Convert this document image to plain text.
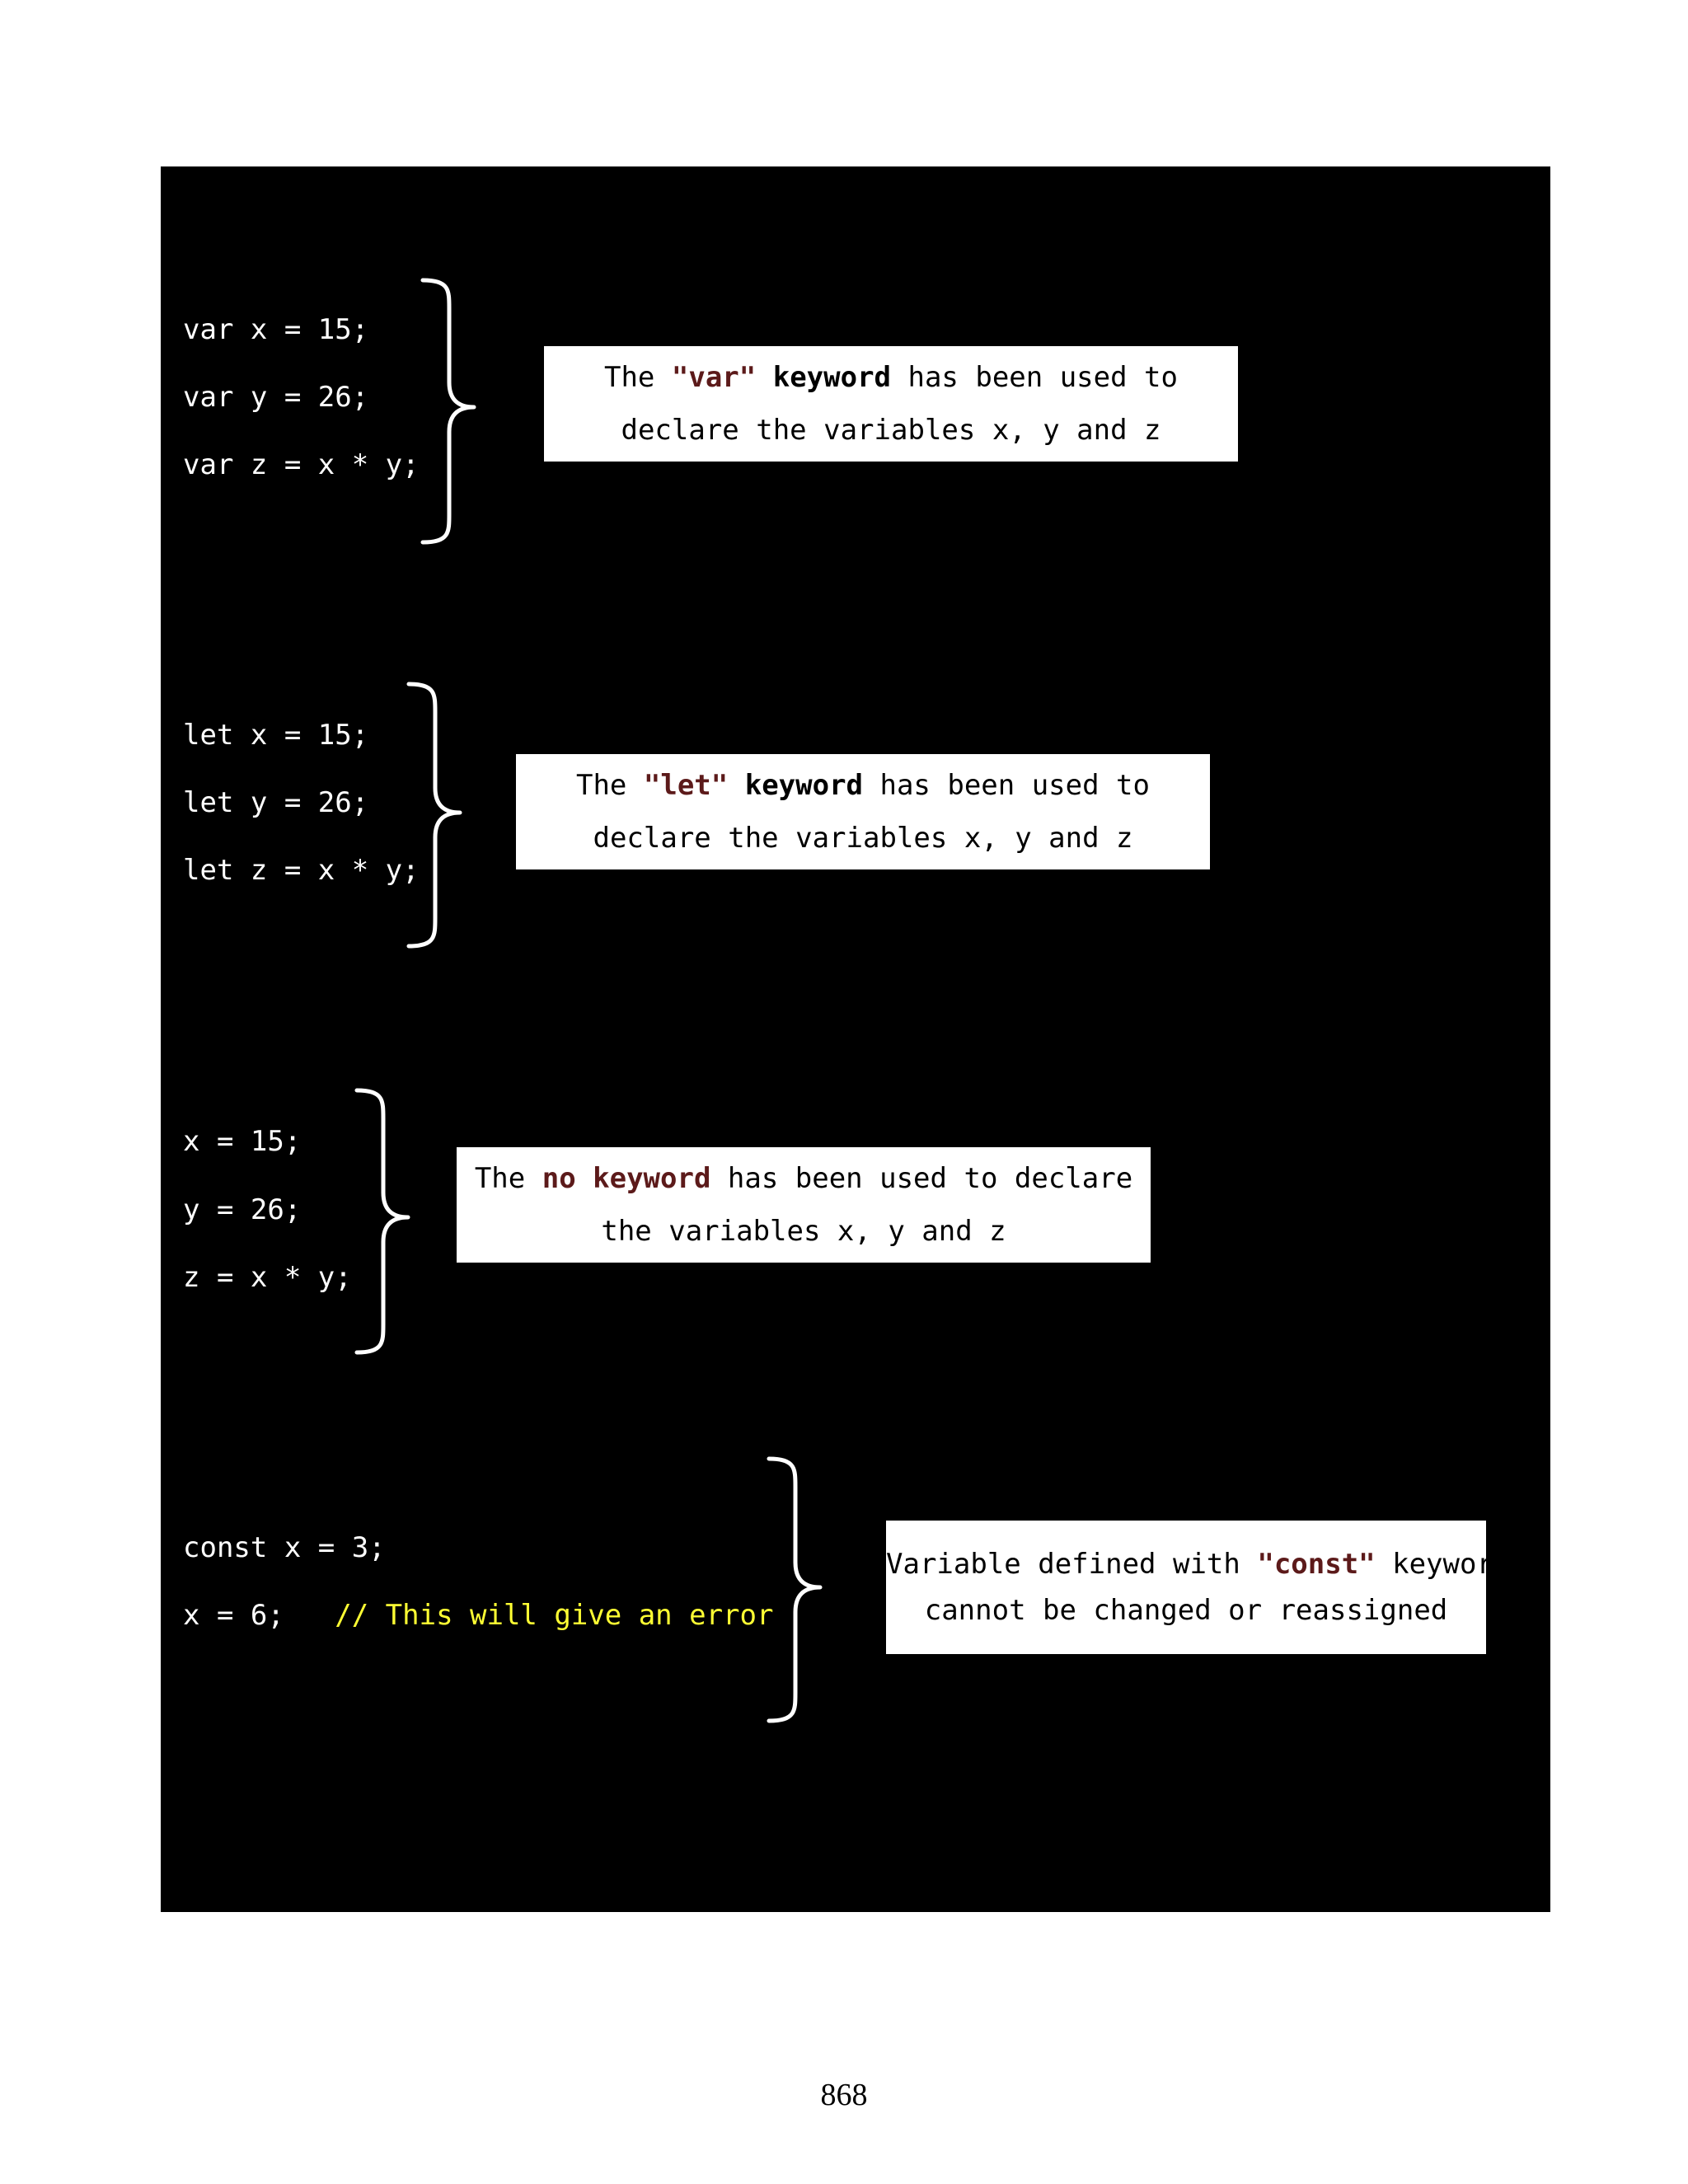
var x = 15;
var y = 26;
var z = x * y;
The "var" keyword has been used to
declare the variables x, y and z
let x = 15;
let y = 26;
let z = x * y;
The "let" keyword has been used to
declare the variables x, y and z
x = 15;
y = 26;
z = x * y;
The no keyword has been used to declare
the variables x, y and z
const x = 3;
x = 6; // This will give an error
Variable defined with "const" keyword
cannot be changed or reassigned
868
